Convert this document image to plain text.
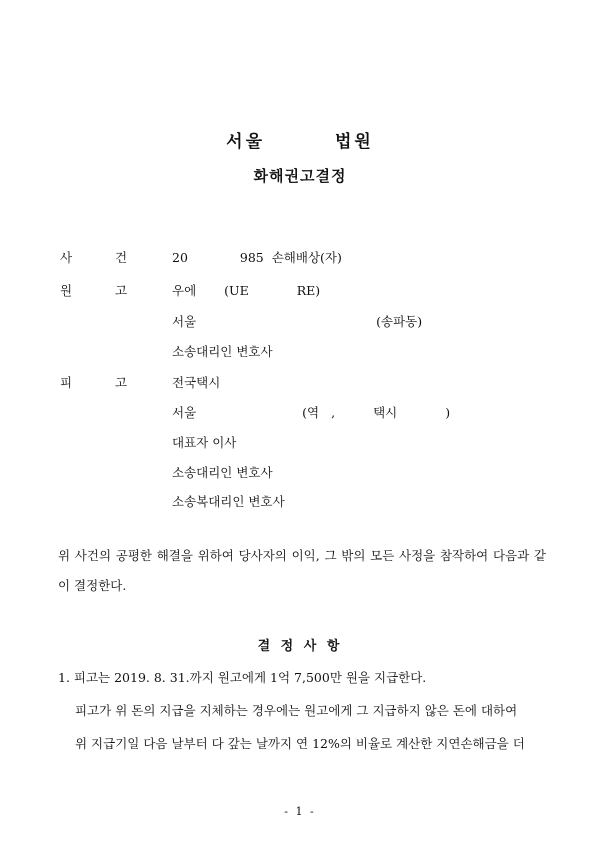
서울	법원
화해권고결정
사	건	20	985 손해배상(자)
원	고	우에 (UE	RE)
서울	(송파동)
소송대리인 변호사
피	고	전국택시
서울	(역 ,	택시	)
대표자 이사
소송대리인 변호사
소송복대리인 변호사
위 사건의 공평한 해결을 위하여 당사자의 이익, 그 밖의 모든 사정을 참작하여 다음과 같이 결정한다.
결 정 사 항
1. 피고는 2019. 8. 31.까지 원고에게 1억 7,500만 원을 지급한다.
피고가 위 돈의 지급을 지체하는 경우에는 원고에게 그 지급하지 않은 돈에 대하여
위 지급기일 다음 날부터 다 갚는 날까지 연 12%의 비율로 계산한 지연손해금을 더
- 1 -
